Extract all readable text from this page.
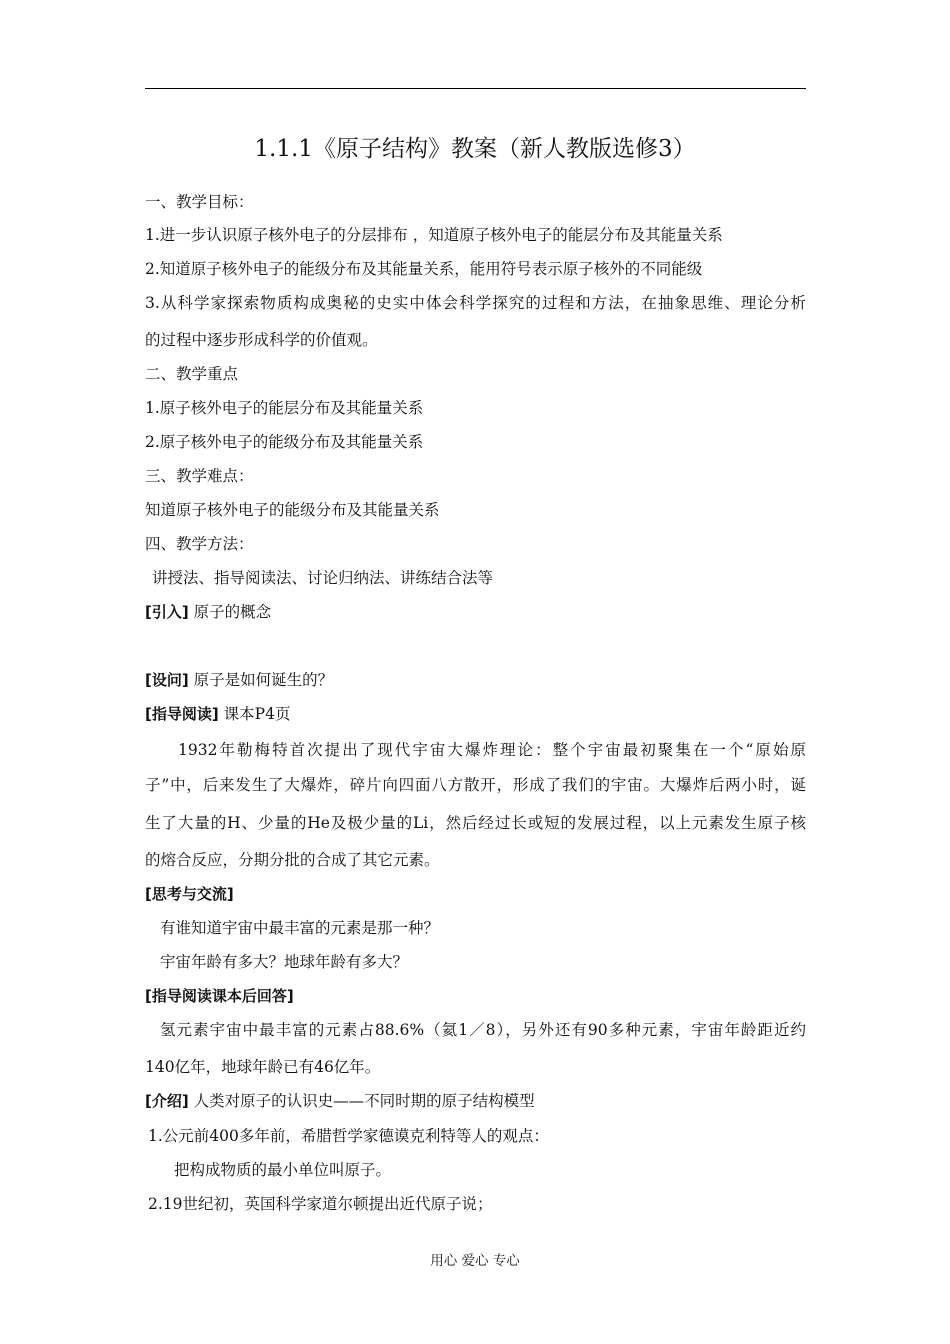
1.1.1《原子结构》教案（新人教版选修3）
一、教学目标：
1.进一步认识原子核外电子的分层排布 ，知道原子核外电子的能层分布及其能量关系
2.知道原子核外电子的能级分布及其能量关系，能用符号表示原子核外的不同能级
3.从科学家探索物质构成奥秘的史实中体会科学探究的过程和方法，在抽象思维、理论分析
的过程中逐步形成科学的价值观。
二、教学重点
1.原子核外电子的能层分布及其能量关系
2.原子核外电子的能级分布及其能量关系
三、教学难点：
知道原子核外电子的能级分布及其能量关系
四、教学方法：
讲授法、指导阅读法、讨论归纳法、讲练结合法等
[引入] 原子的概念
[设问] 原子是如何诞生的？
[指导阅读] 课本P4页
1932年勒梅特首次提出了现代宇宙大爆炸理论：整个宇宙最初聚集在一个“原始原
子”中，后来发生了大爆炸，碎片向四面八方散开，形成了我们的宇宙。大爆炸后两小时，诞
生了大量的H、少量的He及极少量的Li，然后经过长或短的发展过程，以上元素发生原子核
的熔合反应，分期分批的合成了其它元素。
[思考与交流]
有谁知道宇宙中最丰富的元素是那一种？
宇宙年龄有多大？地球年龄有多大？
[指导阅读课本后回答]
氢元素宇宙中最丰富的元素占88.6%（氦1／8），另外还有90多种元素，宇宙年龄距近约
140亿年，地球年龄已有46亿年。
[介绍] 人类对原子的认识史——不同时期的原子结构模型
1.公元前400多年前，希腊哲学家德谟克利特等人的观点：
把构成物质的最小单位叫原子。
2.19世纪初，英国科学家道尔顿提出近代原子说；
用心 爱心 专心
